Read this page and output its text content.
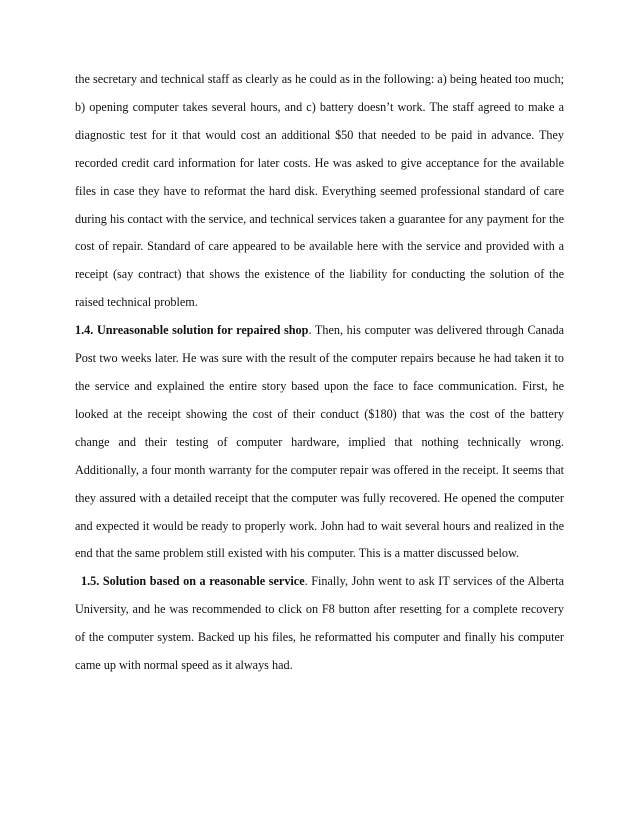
the secretary and technical staff as clearly as he could as in the following: a) being heated too much; b) opening computer takes several hours, and c) battery doesn’t work. The staff agreed to make a diagnostic test for it that would cost an additional $50 that needed to be paid in advance. They recorded credit card information for later costs. He was asked to give acceptance for the available files in case they have to reformat the hard disk. Everything seemed professional standard of care during his contact with the service, and technical services taken a guarantee for any payment for the cost of repair. Standard of care appeared to be available here with the service and provided with a receipt (say contract) that shows the existence of the liability for conducting the solution of the raised technical problem.

1.4. Unreasonable solution for repaired shop. Then, his computer was delivered through Canada Post two weeks later. He was sure with the result of the computer repairs because he had taken it to the service and explained the entire story based upon the face to face communication. First, he looked at the receipt showing the cost of their conduct ($180) that was the cost of the battery change and their testing of computer hardware, implied that nothing technically wrong. Additionally, a four month warranty for the computer repair was offered in the receipt. It seems that they assured with a detailed receipt that the computer was fully recovered. He opened the computer and expected it would be ready to properly work. John had to wait several hours and realized in the end that the same problem still existed with his computer. This is a matter discussed below.

1.5. Solution based on a reasonable service. Finally, John went to ask IT services of the Alberta University, and he was recommended to click on F8 button after resetting for a complete recovery of the computer system. Backed up his files, he reformatted his computer and finally his computer came up with normal speed as it always had.
